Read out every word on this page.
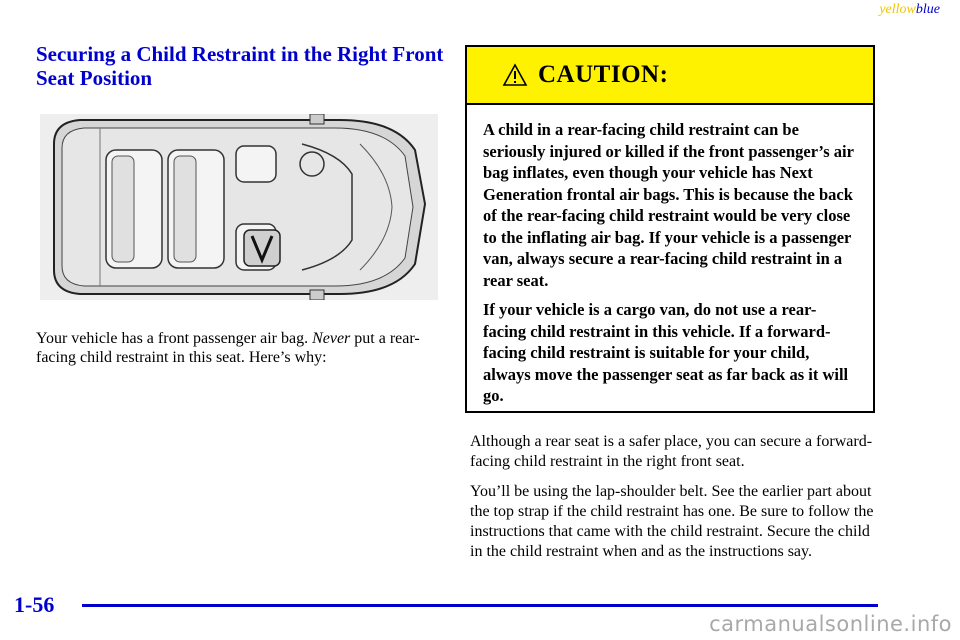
yellowblue
Securing a Child Restraint in the Right Front Seat Position

Your vehicle has a front passenger air bag. Never put a rear-facing child restraint in this seat. Here’s why:

CAUTION:

A child in a rear-facing child restraint can be seriously injured or killed if the front passenger’s air bag inflates, even though your vehicle has Next Generation frontal air bags. This is because the back of the rear-facing child restraint would be very close to the inflating air bag. If your vehicle is a passenger van, always secure a rear-facing child restraint in a rear seat.

If your vehicle is a cargo van, do not use a rear-facing child restraint in this vehicle. If a forward-facing child restraint is suitable for your child, always move the passenger seat as far back as it will go.

Although a rear seat is a safer place, you can secure a forward-facing child restraint in the right front seat.

You’ll be using the lap-shoulder belt. See the earlier part about the top strap if the child restraint has one. Be sure to follow the instructions that came with the child restraint. Secure the child in the child restraint when and as the instructions say.

1-56

carmanualsonline.info
